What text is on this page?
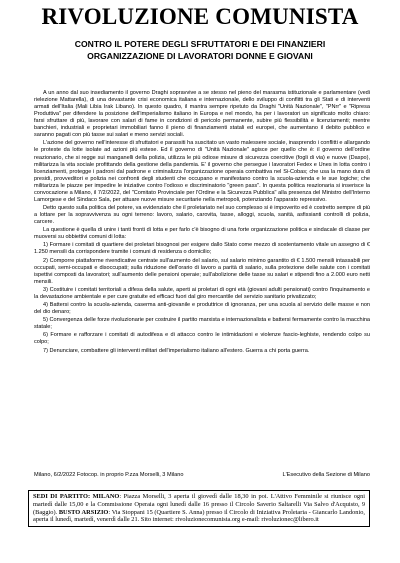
RIVOLUZIONE COMUNISTA
CONTRO IL POTERE DEGLI SFRUTTATORI E DEI FINANZIERI
ORGANIZZAZIONE DI LAVORATORI DONNE E GIOVANI

A un anno dal suo insediamento il governo Draghi sopravvive a se stesso nel pieno del marasma istituzionale e parlamentare (vedi rielezione Mattarella), di una devastante crisi economica italiana e internazionale, dello sviluppo di conflitti tra gli Stati e di interventi armati dell'Italia (Mali Libia Irak Libano). In questo quadro, il mantra sempre ripetuto da Draghi "Unità Nazionale", "PNrr" e "Ripresa Produttiva" per difendere la posizione dell'imperialismo italiano in Europa e nel mondo, ha per i lavoratori un significato molto chiaro: farsi sfruttare di più, lavorare con salari di fame in condizioni di pericolo permanente, subire più flessibilità e licenziamenti; mentre banchieri, industriali e proprietari immobiliari fanno il pieno di finanziamenti statali ed europei, che aumentano il debito pubblico e saranno pagati con più tasse sui salari e meno servizi sociali.

L'azione del governo nell'interesse di sfruttatori e parassiti ha suscitato un vasto malessere sociale, inasprendo i conflitti e allargando le proteste da lotte isolate ad azioni più estese. Ed il governo di "Unità Nazionale" agisce per quello che è: il governo dell'ordine reazionario, che si regge sui manganelli della polizia, utilizza le più odiose misure di sicurezza coercitive (fogli di via) e nuove (Daspo), militarizza la vita sociale profittando della gestione della pandemia. E' il governo che persegue i lavoratori Fedex e Unes in lotta contro i licenziamenti, protegge i padroni dal padrone e criminalizza l'organizzazione operaia combattiva nel Si-Cobas; che usa la mano dura di presidi, provveditori e polizia nei confronti degli studenti che occupano e manifestano contro la scuola-azienda e le sue logiche; che militarizza le piazze per impedire le iniziative contro l'odioso e discriminatorio "green pass". In questa politica reazionaria si inserisce la convocazione a Milano, il 7/2/2022, del "Comitato Provinciale per l'Ordine e la Sicurezza Pubblica" alla presenza del Ministro dell'Interno Lamorgese e del Sindaco Sala, per attuare nuove misure securitarie nella metropoli, potenziando l'apparato repressivo.

Detto questo sulla politica del potere, va evidenziato che il proletariato nel suo complesso si è impoverito ed è costretto sempre di più a lottare per la sopravvivenza su ogni terreno: lavoro, salario, carovita, tasse, alloggi, scuola, sanità, asfissianti controlli di polizia, carcere.

La questione è quella di unire i tanti fronti di lotta e per farlo c'è bisogno di una forte organizzazione politica e sindacale di classe per muoversi su obbiettivi comuni di lotta:

1) Formare i comitati di quartiere dei proletari bisognosi per esigere dallo Stato come mezzo di sostentamento vitale un assegno di € 1.250 mensili da corrispondere tramite i comuni di residenza o domicilio;

2) Comporre piattaforme rivendicative centrate sull'aumento del salario, sul salario minimo garantito di € 1.500 mensili intassabili per occupati, semi-occupati e disoccupati; sulla riduzione dell'orario di lavoro a parità di salario, sulla protezione delle salute con i comitati ispettivi composti da lavoratori; sull'aumento delle pensioni operaie; sull'abolizione delle tasse su salari e stipendi fino a 2.000 euro netti mensili.

3) Costituire i comitati territoriali a difesa della salute, aperti ai proletari di ogni età (giovani adulti pensionati) contro l'inquinamento e la devastazione ambientale e per cure gratuite ed efficaci fuori dal giro mercantile del servizio sanitario privatizzato;

4) Battersi contro la scuola-azienda, caserma anti-giovanile e produttrice di ignoranza, per una scuola al servizio delle masse e non del dio denaro;

5) Convergenza delle forze rivoluzionarie per costruire il partito marxista e internazionalista e battersi fermamente contro la macchina statale;

6) Formare e rafforzare i comitati di autodifesa e di attacco contro le intimidazioni e violenze fascio-leghiste, rendendo colpo su colpo;

7) Denunciare, combattere gli interventi militari dell'imperialismo italiano all'estero. Guerra a chi porta guerra.

Milano, 6/2/2022 Fotocop. in proprio P.zza Morselli, 3 Milano	L'Esecutivo della Sezione di Milano
SEDI DI PARTITO: MILANO: Piazza Morselli, 3 aperta il giovedì dalle 18,30 in poi. L'Attivo Femminile si riunisce ogni martedì dalle 15,00 e la Commissione Operaia ogni lunedì dalle 16 presso il Circolo Saverio Saltarelli Via Salvo d'Acquisto, 9 (Baggio). BUSTO ARSIZIO: Via Stoppani 15 (Quartiere S. Anna) presso il Circolo di Iniziativa Proletaria - Giancarlo Landonio, aperta il lunedì, martedì, venerdì dalle 21. Sito internet: rivoluzionecomunista.org e-mail: rivoluzionec@libero.it
